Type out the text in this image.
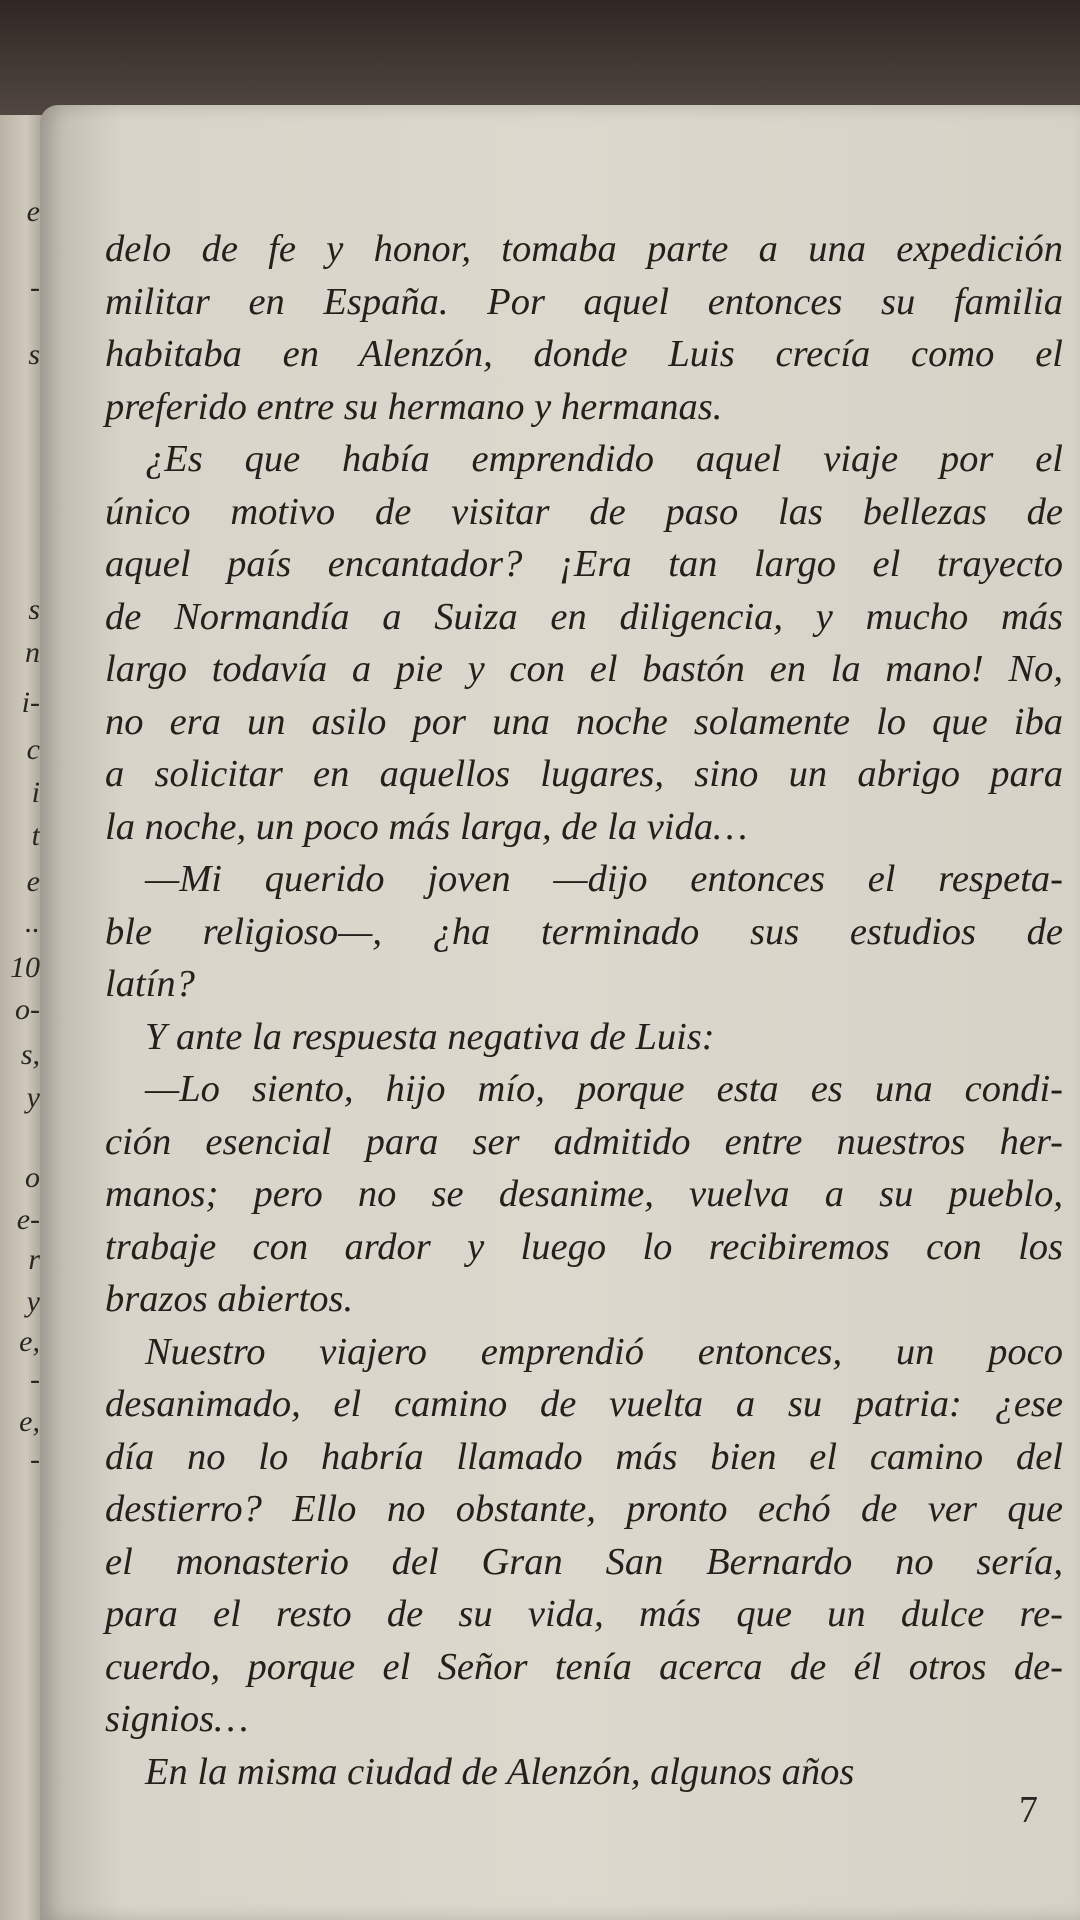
e
-
s
s
n
i-
c
i
t
e
..
10
o-
s,
y
o
e-
r
y
e,
-
e,
-
delo de fe y honor, tomaba parte a una expedición
militar en España. Por aquel entonces su familia
habitaba en Alenzón, donde Luis crecía como el
preferido entre su hermano y hermanas.
¿Es que había emprendido aquel viaje por el
único motivo de visitar de paso las bellezas de
aquel país encantador? ¡Era tan largo el trayecto
de Normandía a Suiza en diligencia, y mucho más
largo todavía a pie y con el bastón en la mano! No,
no era un asilo por una noche solamente lo que iba
a solicitar en aquellos lugares, sino un abrigo para
la noche, un poco más larga, de la vida…
—Mi querido joven —dijo entonces el respeta-
ble religioso—, ¿ha terminado sus estudios de
latín?
Y ante la respuesta negativa de Luis:
—Lo siento, hijo mío, porque esta es una condi-
ción esencial para ser admitido entre nuestros her-
manos; pero no se desanime, vuelva a su pueblo,
trabaje con ardor y luego lo recibiremos con los
brazos abiertos.
Nuestro viajero emprendió entonces, un poco
desanimado, el camino de vuelta a su patria: ¿ese
día no lo habría llamado más bien el camino del
destierro? Ello no obstante, pronto echó de ver que
el monasterio del Gran San Bernardo no sería,
para el resto de su vida, más que un dulce re-
cuerdo, porque el Señor tenía acerca de él otros de-
signios…
En la misma ciudad de Alenzón, algunos años
7
